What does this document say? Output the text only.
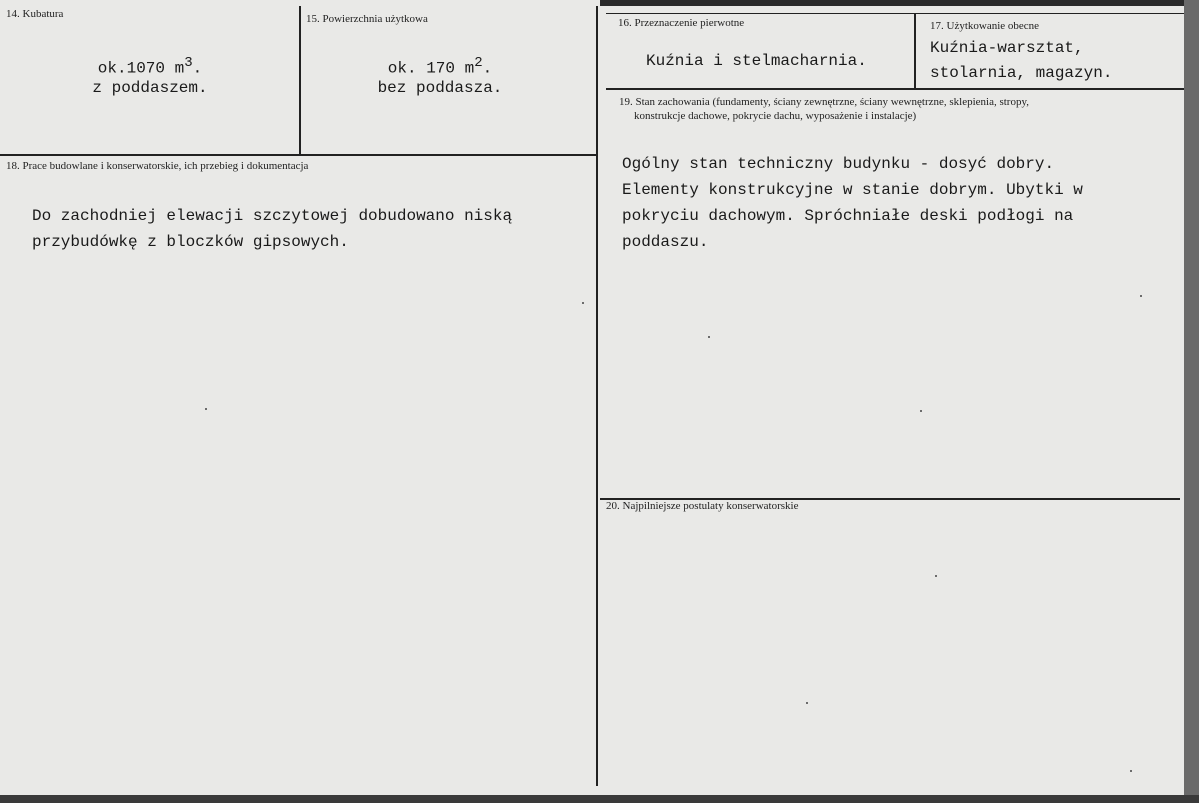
14. Kubatura
ok.1070 $m^3$.
z poddaszem.
15. Powierzchnia użytkowa
ok. 170 $m^2$.
bez poddasza.
16. Przeznaczenie pierwotne
Kuźnia i stelmacharnia.
17. Użytkowanie obecne
Kuźnia-warsztat,
stolarnia, magazyn.
18. Prace budowlane i konserwatorskie, ich przebieg i dokumentacja
Do zachodniej elewacji szczytowej dobudowano niską
przybudówkę z bloczków gipsowych.
19. Stan zachowania (fundamenty, ściany zewnętrzne, ściany wewnętrzne, sklepienia, stropy,
konstrukcje dachowe, pokrycie dachu, wyposażenie i instalacje)
Ogólny stan techniczny budynku - dosyć dobry.
Elementy konstrukcyjne w stanie dobrym. Ubytki w
pokryciu dachowym. Spróchniałe deski podłogi na
poddaszu.
20. Najpilniejsze postulaty konserwatorskie
